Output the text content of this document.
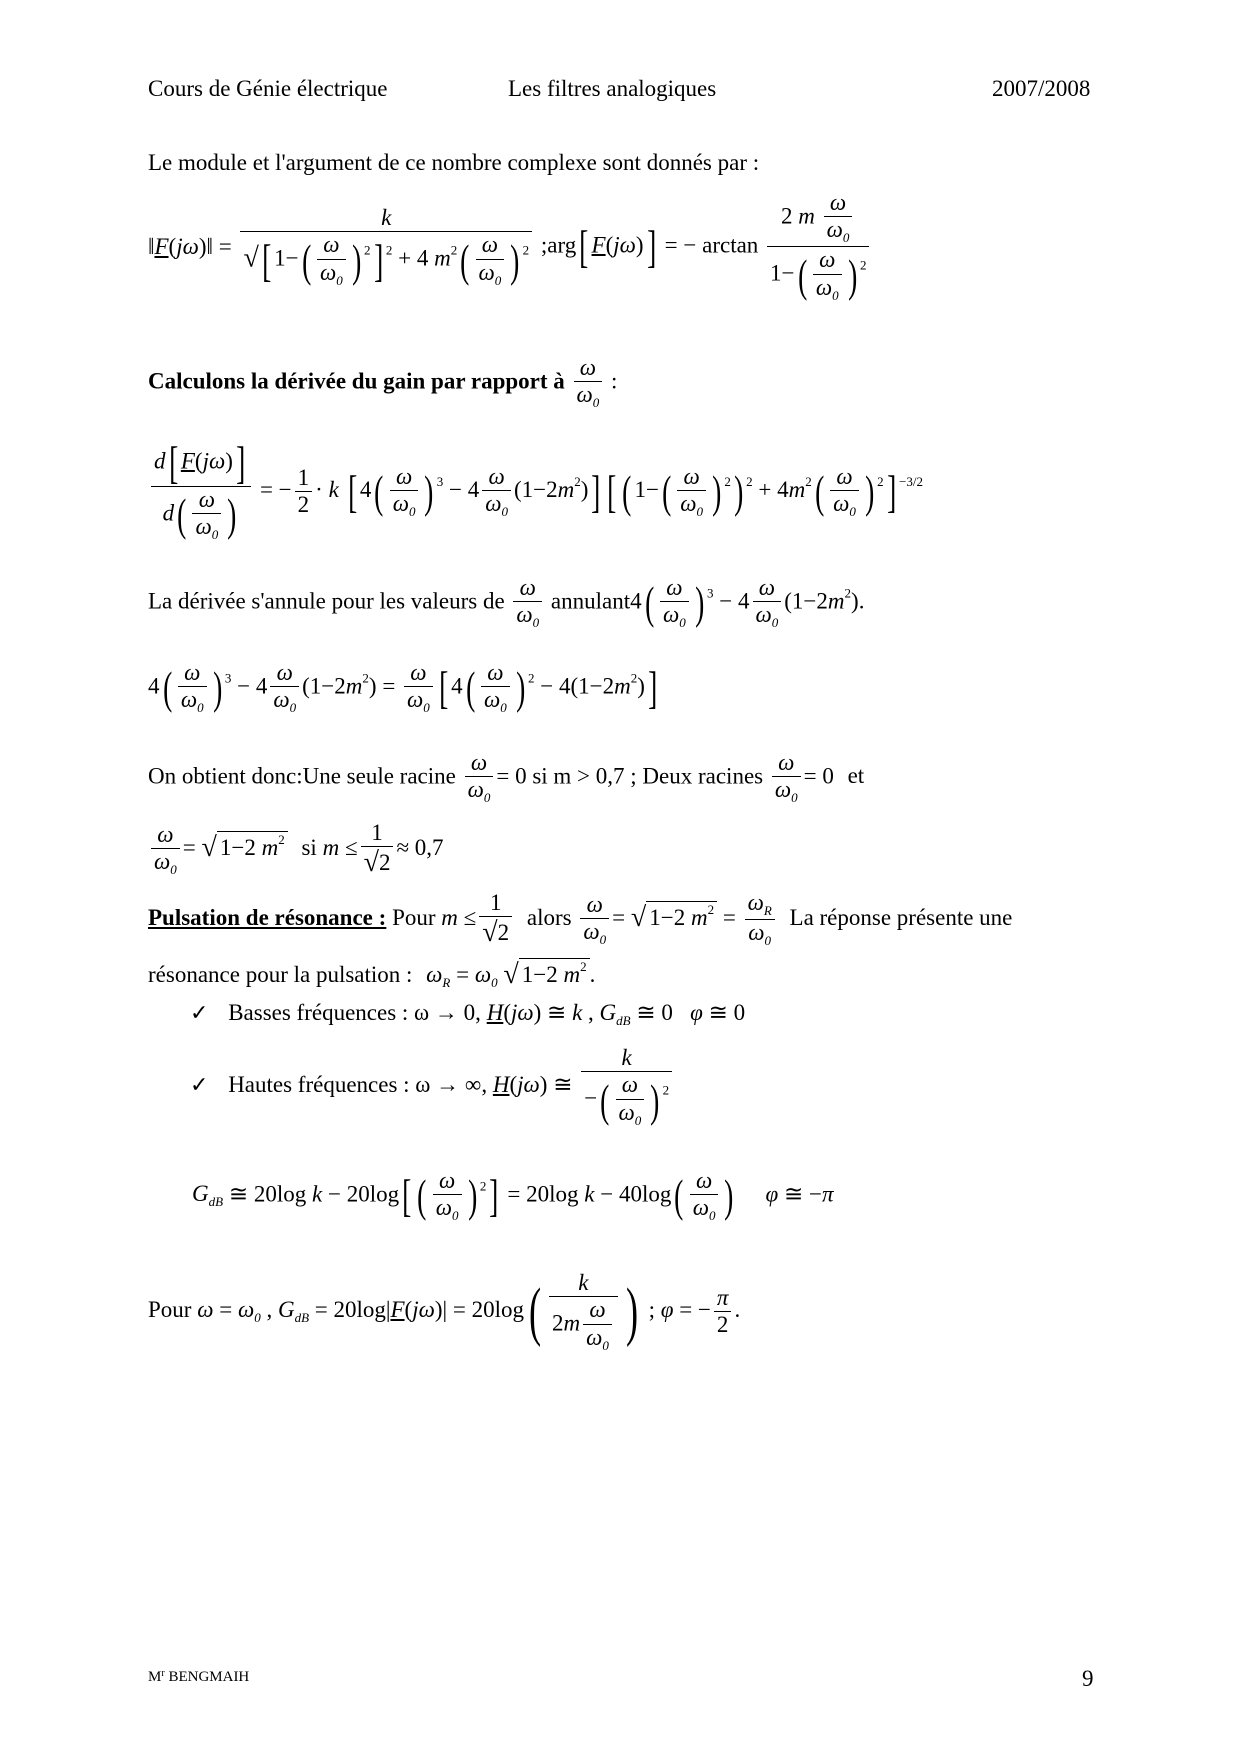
Cours de Génie électrique	Les filtres analogiques	2007/2008
Le module et l'argument de ce nombre complexe sont donnés par :
‖F(jω)‖ = $\frac{k}{√[ 1-( \frac{\omega}{\omega_0} ) ^2] ^2 + 4 m^2( \frac{\omega}{\omega_0} ) ^2}$ ;arg[ F(jω)] = − $\arctan \frac{2 m \frac{\omega}{\omega_0}}{1-( \frac{\omega}{\omega_0} ) ^2}$
Calculons la dérivée du gain par rapport à $\frac{\omega}{\omega_0}$ :
$\frac{d[ F(j\omega)]}{d( \frac{\omega}{\omega_0} )}$ = − $\frac{1}{2} \cdot k$ [ $4( \frac{\omega}{\omega_0}$ ) $^3 - 4 \frac{\omega}{\omega_0} (1-2m^2)$] [ ( $1-( \frac{\omega}{\omega_0}$ ) $^2$) $^2 + 4m^2( \frac{\omega}{\omega_0}$ ) $^2$] $^{-3/2}$
La dérivée s'annule pour les valeurs de $\frac{\omega}{\omega_0}$ annulant4( $\frac{\omega}{\omega_0}$ ) $^3 - 4 \frac{\omega}{\omega_0} (1-2m^2)$.
$4( \frac{\omega}{\omega_0}$ ) $^3 - 4 \frac{\omega}{\omega_0} (1-2m^2) = \frac{\omega}{\omega_0}$ [ $4( \frac{\omega}{\omega_0}$ ) $^2 - 4(1-2m^2)$]
On obtient donc:Une seule racine $\frac{\omega}{\omega_0} = 0$ si m > 0,7 ; Deux racines $\frac{\omega}{\omega_0} = 0$ et
$\frac{\omega}{\omega_0}$ = √ 1−2 $m^2$ si $m \le \frac{1}{√2} \approx 0,7$
Pulsation de résonance : Pour $m \le \frac{1}{√2}$ alors $\frac{\omega}{\omega_0}$ = √ 1−2 $m^2 = \frac{\omega_R}{\omega_0}$ La réponse présente une
résonance pour la pulsation : $\omega_R = \omega_0$ √ 1−2 $m^2$ .
✓ Basses fréquences : ω → 0, H(jω) ≅ k , $G_{dB}$ ≅ 0   φ ≅ 0
✓ Hautes fréquences : ω → ∞, H(jω) ≅ $\frac{k}{-( \frac{\omega}{\omega_0} ) ^2}$
$G_{dB}$ ≅ 20log k − 20log[ ( $\frac{\omega}{\omega_0}$ ) $^2$] = 20log $k - 40\log( \frac{\omega}{\omega_0}$ ) φ ≅ −π
Pour $\omega = \omega_0$ , $G_{dB} = 20\log|F(j\omega)| = 20\log( \frac{k}{2m \frac{\omega}{\omega_0}}$ ) ; φ = − $\frac{\pi}{2}$ .
$M^r$ BENGMAIH	9
